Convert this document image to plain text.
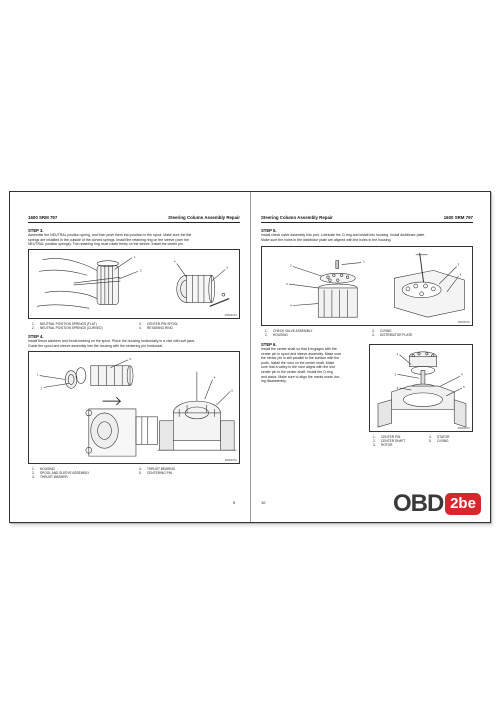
1600 SRM 797	Steering Column Assembly Repair
STEP 3.
Assemble the NEUTRAL position spring, and then push them into position in the spool. Make sure the flat
springs are installed in the outside of the curved springs. Install the retaining ring on the sleeve (over the
NEUTRAL position springs). The retaining ring must rotate freely on the sleeve. Install the center pin.
1
2
3
4
FM000XXX
1. NEUTRAL POSITION SPRINGS (FLAT)
2. NEUTRAL POSITION SPRINGS (CURVED)
3. CENTER PIN SPOOL
4. RETAINING RING
STEP 4.
Install thrust washers and thrust bearing on the spool. Place the housing horizontally in a vise with soft jaws.
Guide the spool and sleeve assembly into the housing with the centering pin horizontal.
1
2
3
4
5
FM000XXX
1. HOUSING
2. SPOOL AND SLEEVE ASSEMBLY
3. THRUST WASHER
4. THRUST BEARING
5. CENTERING PIN
9
Steering Column Assembly Repair	1600 SRM 797
STEP 5.
Install check valve assembly into port. Lubricate the O-ring and install into housing. Install distributor plate.
Make sure the holes in the distributor plate are aligned with the holes in the housing.
1
2
3
4
3
4
FM000XXX
1. CHECK VALVE ASSEMBLY
2. HOUSING
3. O-RING
4. DISTRIBUTOR PLATE
STEP 6.
Install the center shaft so that it engages with the
center pin in spool and sleeve assembly. Make sure
the center pin is still parallel to the surface with the
ports. Install the rotor on the center shaft. Make
sure that a valley in the rotor aligns with the slot
center pin in the center shaft. Install the O-ring
and stator. Make sure to align the marks made dur-
ing disassembly.
1
2
3
4
5
FM000XXX
1. CENTER PIN
2. CENTER SHAFT
3. ROTOR
4. STATOR
5. O-RING
10	OBD 2be
